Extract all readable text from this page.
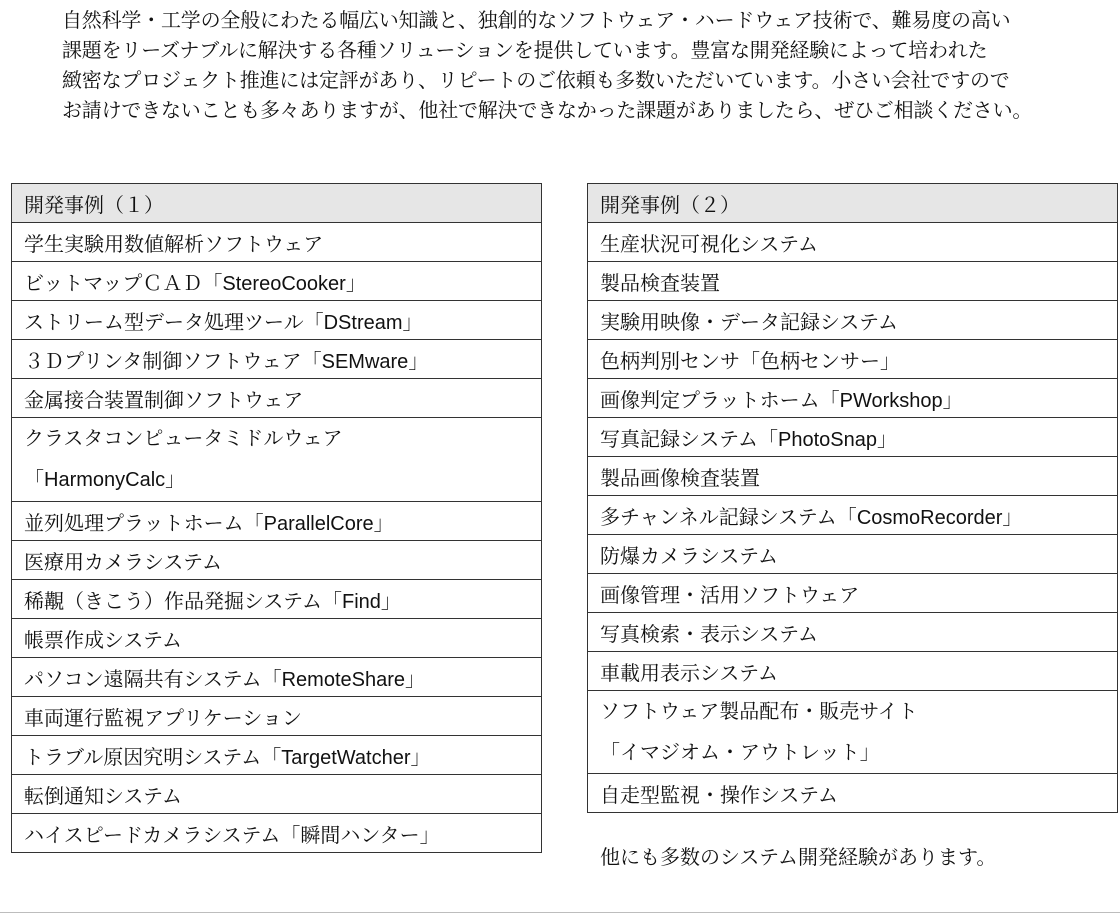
自然科学・工学の全般にわたる幅広い知識と、独創的なソフトウェア・ハードウェア技術で、難易度の高い
課題をリーズナブルに解決する各種ソリューションを提供しています。豊富な開発経験によって培われた
緻密なプロジェクト推進には定評があり、リピートのご依頼も多数いただいています。小さい会社ですので
お請けできないことも多々ありますが、他社で解決できなかった課題がありましたら、ぜひご相談ください。
開発事例（１）
学生実験用数値解析ソフトウェア
ビットマップＣＡＤ「StereoCooker」
ストリーム型データ処理ツール「DStream」
３Ｄプリンタ制御ソフトウェア「SEMware」
金属接合装置制御ソフトウェア
クラスタコンピュータミドルウェア
「HarmonyCalc」
並列処理プラットホーム「ParallelCore」
医療用カメラシステム
稀覯（きこう）作品発掘システム「Find」
帳票作成システム
パソコン遠隔共有システム「RemoteShare」
車両運行監視アプリケーション
トラブル原因究明システム「TargetWatcher」
転倒通知システム
ハイスピードカメラシステム「瞬間ハンター」
開発事例（２）
生産状況可視化システム
製品検査装置
実験用映像・データ記録システム
色柄判別センサ「色柄センサー」
画像判定プラットホーム「PWorkshop」
写真記録システム「PhotoSnap」
製品画像検査装置
多チャンネル記録システム「CosmoRecorder」
防爆カメラシステム
画像管理・活用ソフトウェア
写真検索・表示システム
車載用表示システム
ソフトウェア製品配布・販売サイト
「イマジオム・アウトレット」
自走型監視・操作システム
他にも多数のシステム開発経験があります。
